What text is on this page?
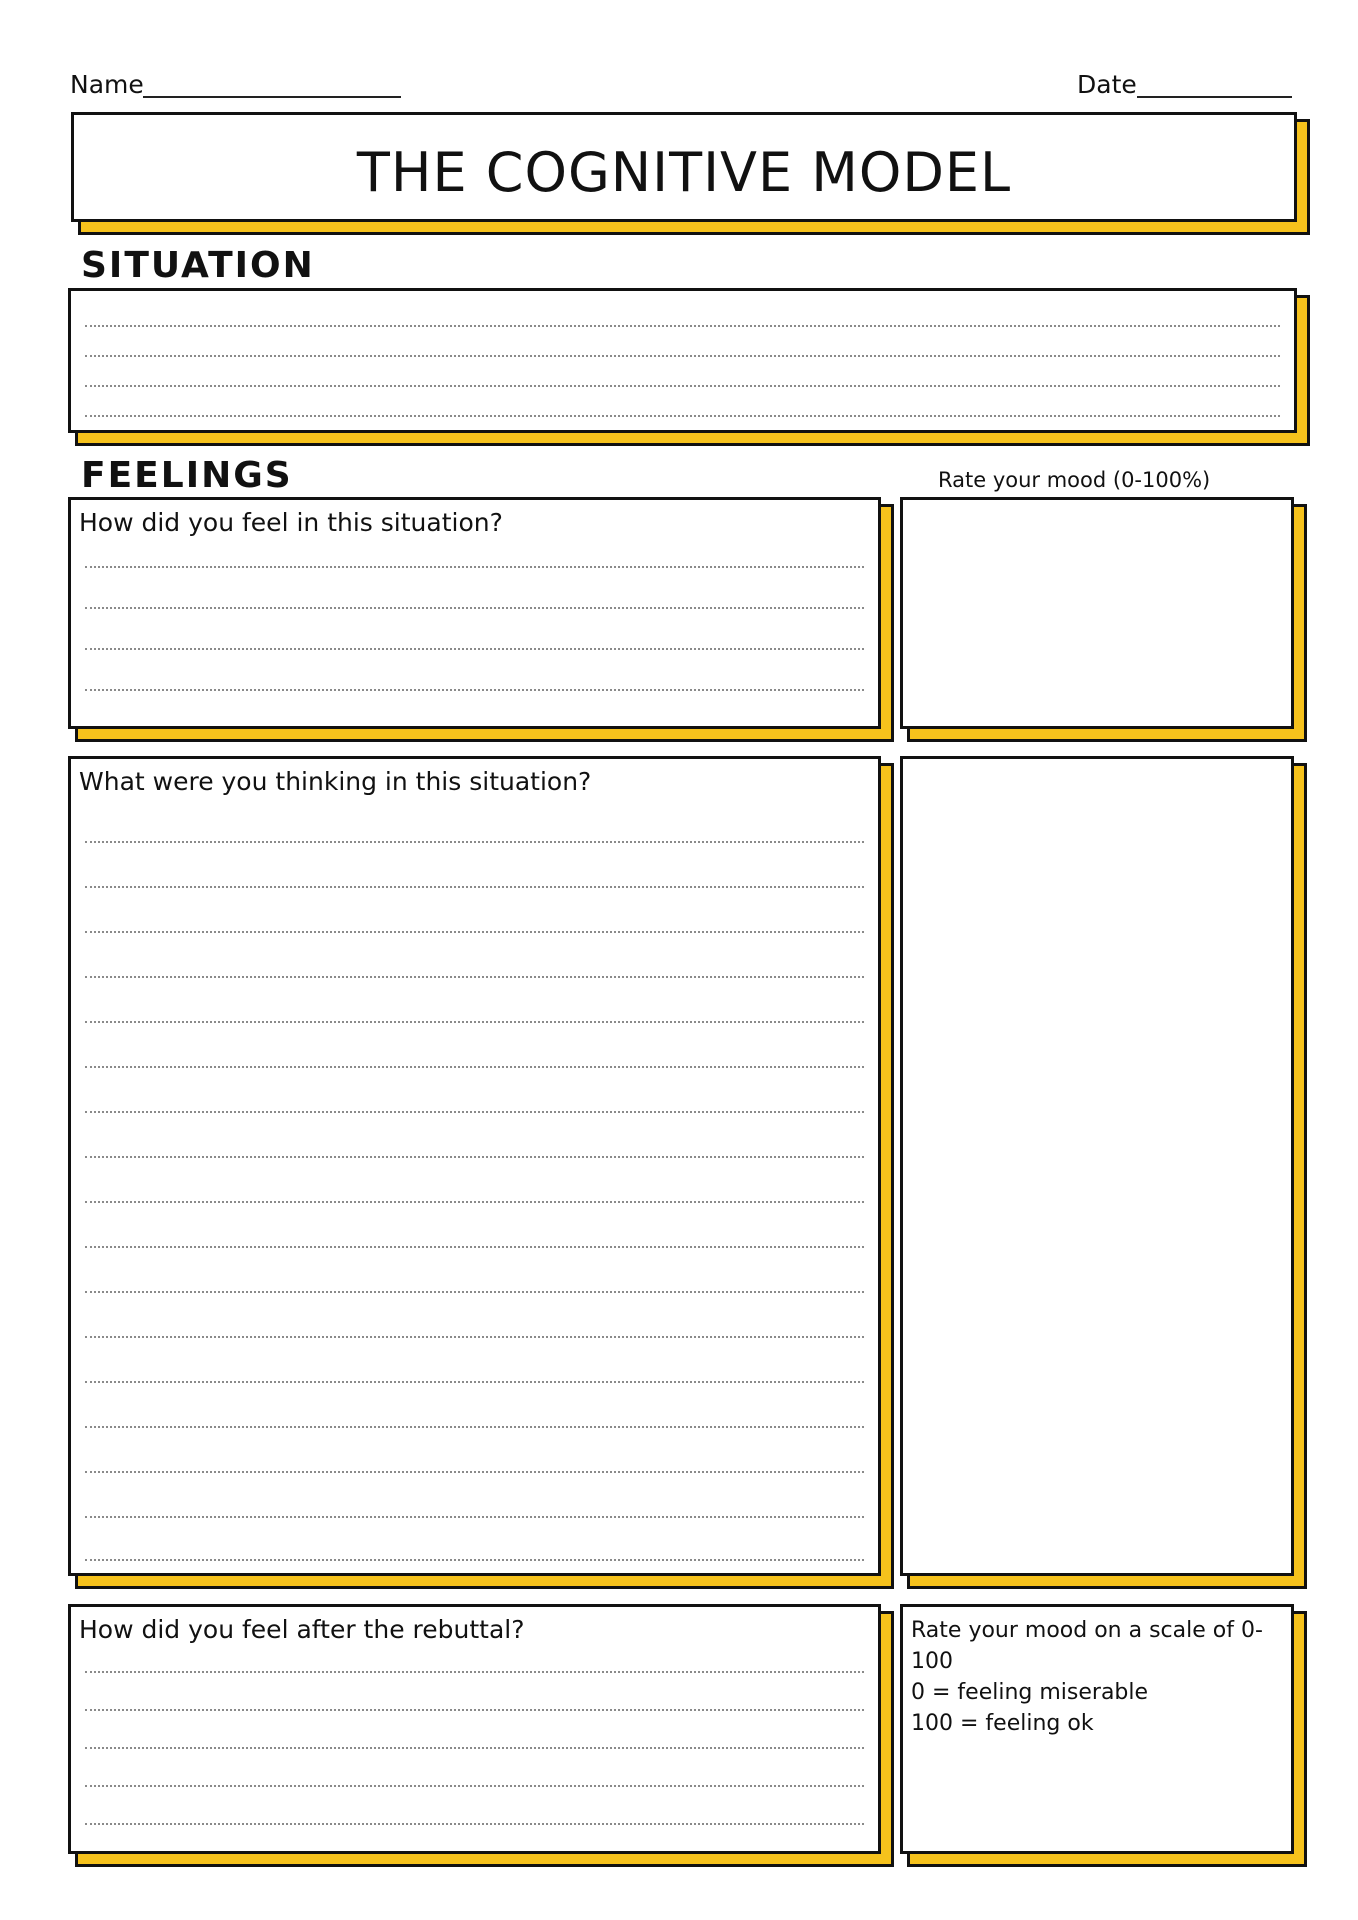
Name	Date
THE COGNITIVE MODEL
SITUATION
FEELINGS	Rate your mood (0-100%)
How did you feel in this situation?
What were you thinking in this situation?
How did you feel after the rebuttal?	Rate your mood on a scale of 0-100
0 = feeling miserable
100 = feeling ok
